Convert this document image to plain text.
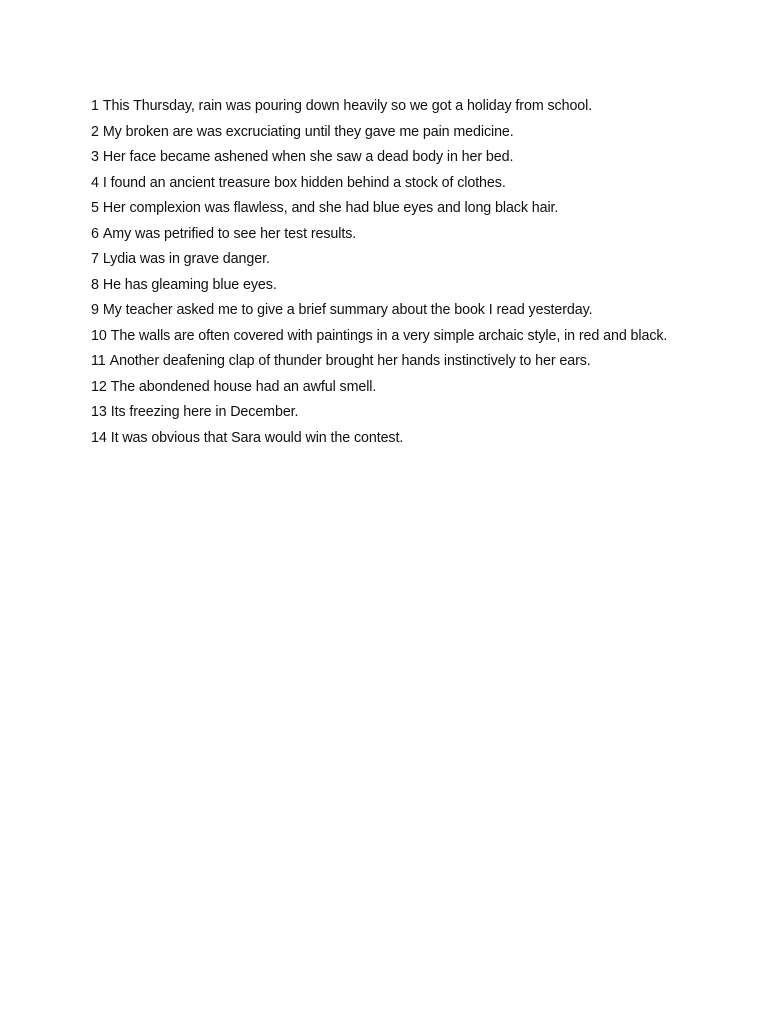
1 This Thursday, rain was pouring down heavily so we got a holiday from school.
2 My broken are was excruciating until they gave me pain medicine.
3 Her face became ashened when she saw a dead body in her bed.
4 I found an ancient treasure box hidden behind a stock of clothes.
5 Her complexion was flawless, and she had blue eyes and long black hair.
6 Amy was petrified to see her test results.
7 Lydia was in grave danger.
8 He has gleaming blue eyes.
9 My teacher asked me to give a brief summary about the book I read yesterday.
10 The walls are often covered with paintings in a very simple archaic style, in red and black.
11 Another deafening clap of thunder brought her hands instinctively to her ears.
12 The abondened house had an awful smell.
13 Its freezing here in December.
14 It was obvious that Sara would win the contest.
